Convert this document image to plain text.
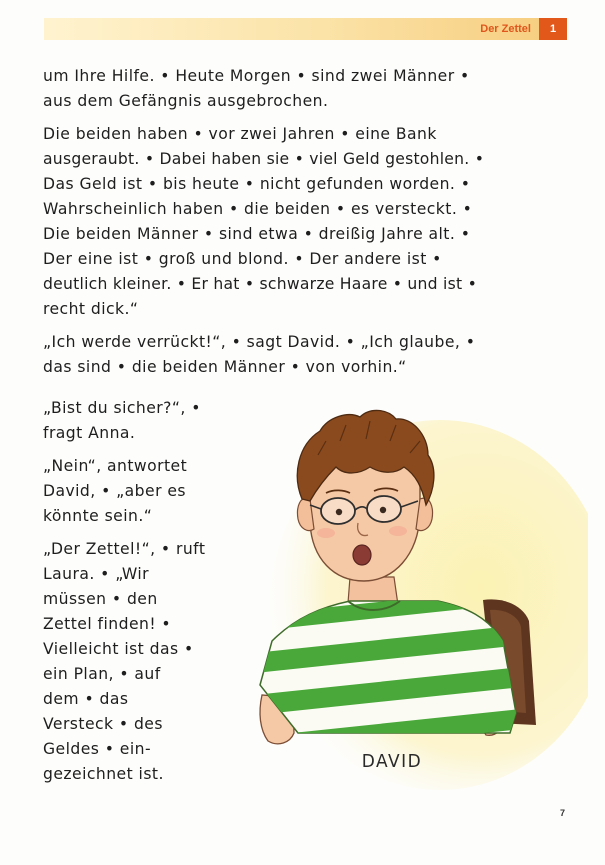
Der Zettel	1

um Ihre Hilfe. • Heute Morgen • sind zwei Männer •
aus dem Gefängnis ausgebrochen.

Die beiden haben • vor zwei Jahren • eine Bank
ausgeraubt. • Dabei haben sie • viel Geld gestohlen. •
Das Geld ist • bis heute • nicht gefunden worden. •
Wahrscheinlich haben • die beiden • es versteckt. •
Die beiden Männer • sind etwa • dreißig Jahre alt. •
Der eine ist • groß und blond. • Der andere ist •
deutlich kleiner. • Er hat • schwarze Haare • und ist •
recht dick.“

„Ich werde verrückt!“, • sagt David. • „Ich glaube, •
das sind • die beiden Männer • von vorhin.“

„Bist du sicher?“, •
fragt Anna.

„Nein“, antwortet
David, • „aber es
könnte sein.“

„Der Zettel!“, • ruft
Laura. • „Wir
müssen • den
Zettel finden! •
Vielleicht ist das •
ein Plan, • auf
dem • das
Versteck • des
Geldes • ein-
gezeichnet ist.

DAVID
7
